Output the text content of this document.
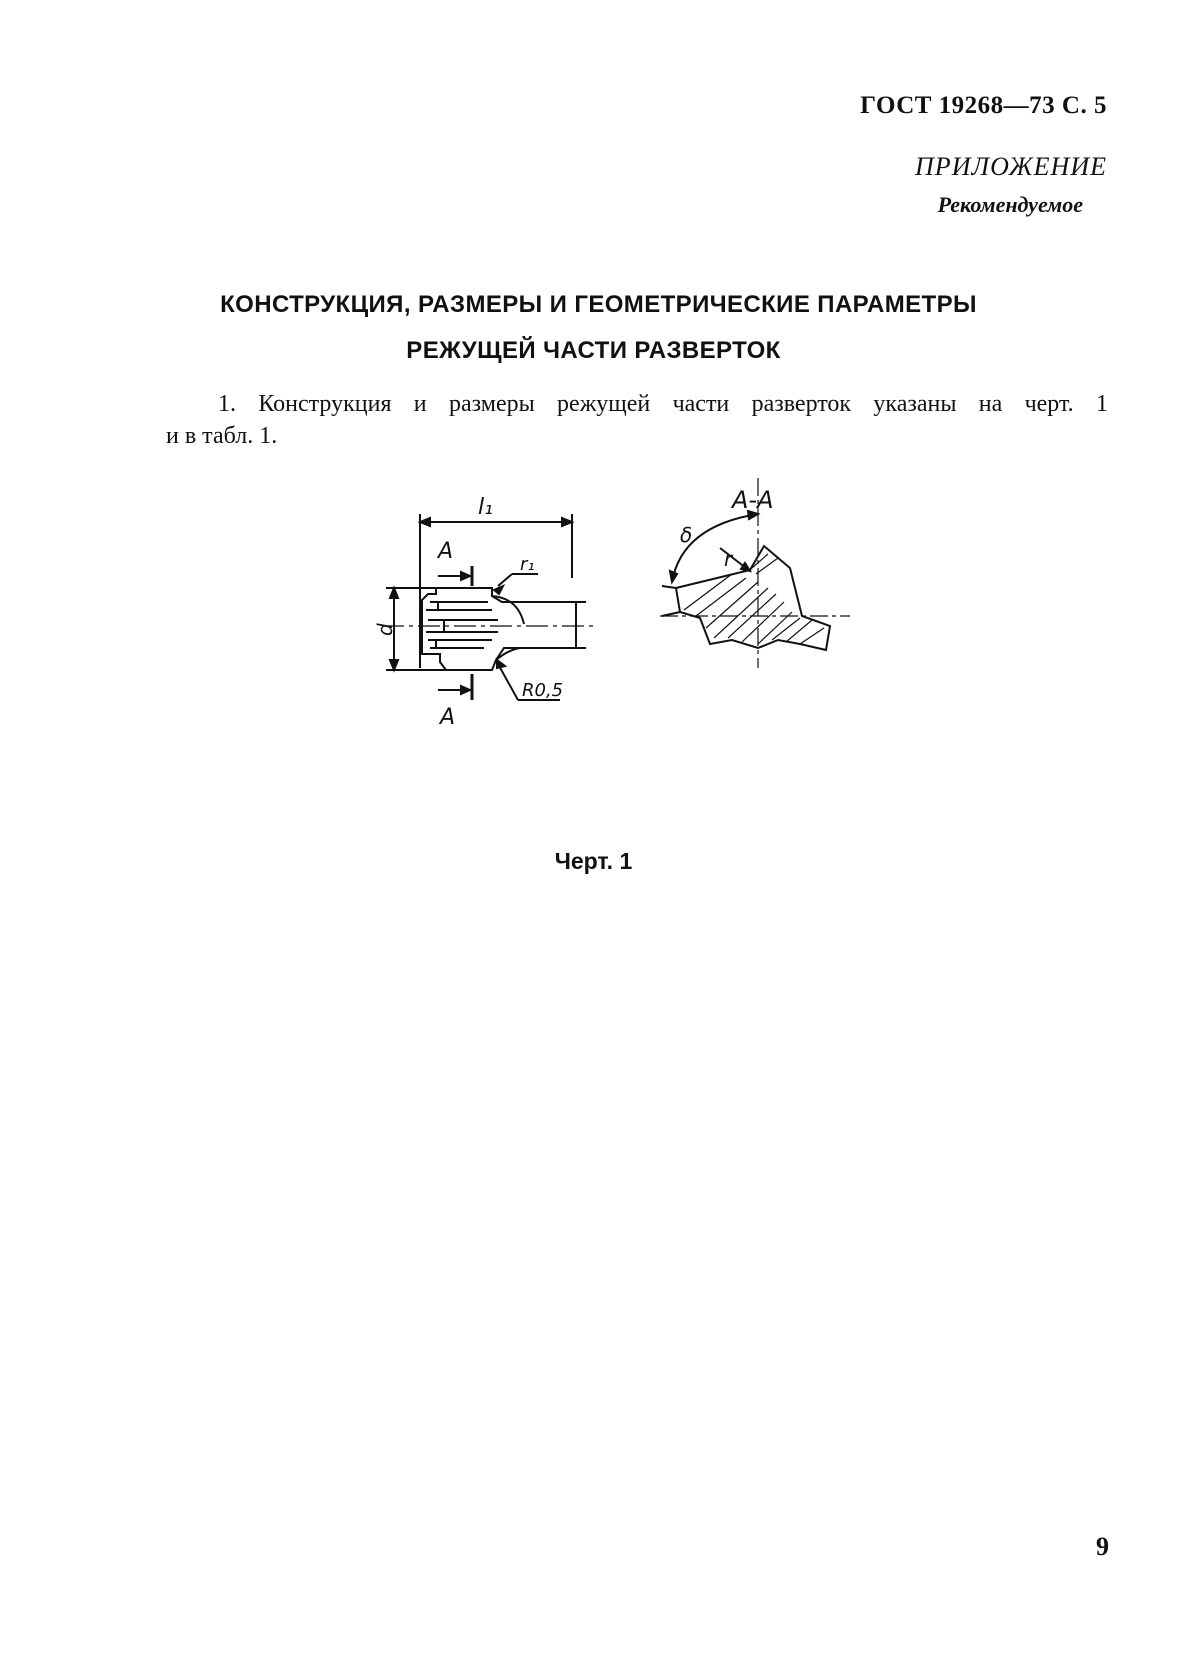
ГОСТ 19268—73 С. 5
ПРИЛОЖЕНИЕ
Рекомендуемое
КОНСТРУКЦИЯ, РАЗМЕРЫ И ГЕОМЕТРИЧЕСКИЕ ПАРАМЕТРЫ
РЕЖУЩЕЙ ЧАСТИ РАЗВЕРТОК
1. Конструкция и размеры режущей части разверток указаны на черт. 1
и в табл. 1.
l₁
A
A
r₁
d
R0,5
A-A
δ
r
Черт. 1
9
